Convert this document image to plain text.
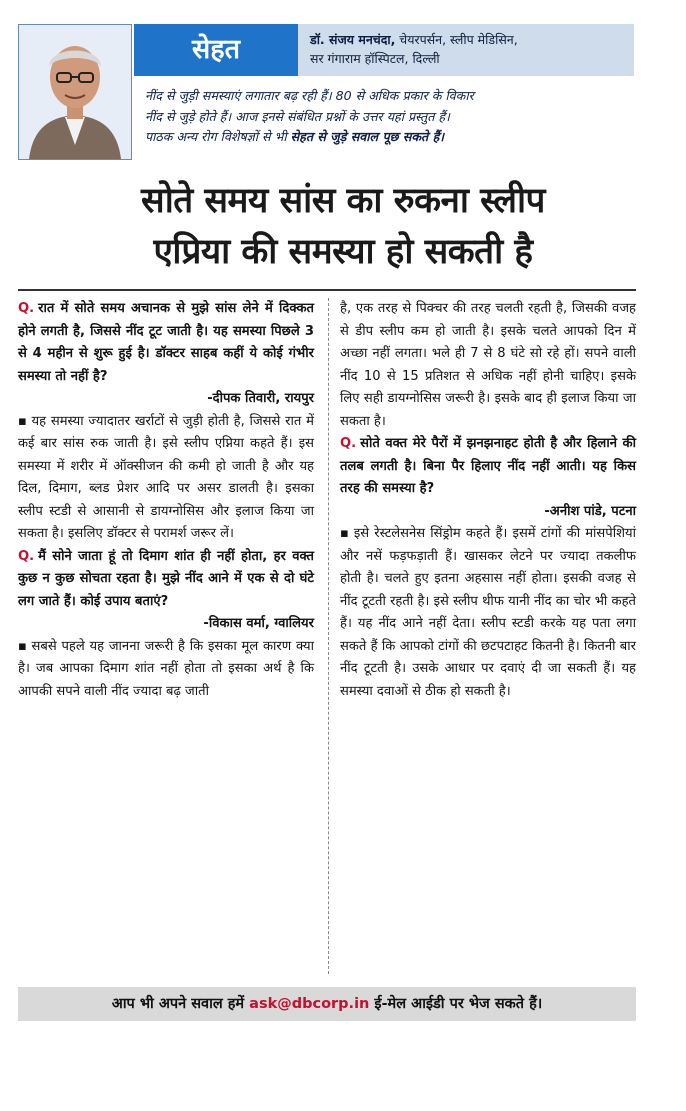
सेहत	डॉ. संजय मनचंदा, चेयरपर्सन, स्लीप मेडिसिन,
सर गंगाराम हॉस्पिटल, दिल्ली
नींद से जुड़ी समस्याएं लगातार बढ़ रही हैं। 80 से अधिक प्रकार के विकार
नींद से जुड़े होते हैं। आज इनसे संबंधित प्रश्नों के उत्तर यहां प्रस्तुत हैं।
पाठक अन्य रोग विशेषज्ञों से भी सेहत से जुड़े सवाल पूछ सकते हैं।
सोते समय सांस का रुकना स्लीप
एप्रिया की समस्या हो सकती है

Q. रात में सोते समय अचानक से मुझे सांस लेने में दिक्कत होने लगती है, जिससे नींद टूट जाती है। यह समस्या पिछले 3 से 4 महीन से शुरू हुई है। डॉक्टर साहब कहीं ये कोई गंभीर समस्या तो नहीं है?

-दीपक तिवारी, रायपुर

▪ यह समस्या ज्यादातर खर्राटों से जुड़ी होती है, जिससे रात में कई बार सांस रुक जाती है। इसे स्लीप एप्निया कहते हैं। इस समस्या में शरीर में ऑक्सीजन की कमी हो जाती है और यह दिल, दिमाग, ब्लड प्रेशर आदि पर असर डालती है। इसका स्लीप स्टडी से आसानी से डायग्नोसिस और इलाज किया जा सकता है। इसलिए डॉक्टर से परामर्श जरूर लें।

Q. मैं सोने जाता हूं तो दिमाग शांत ही नहीं होता, हर वक्त कुछ न कुछ सोचता रहता है। मुझे नींद आने में एक से दो घंटे लग जाते हैं। कोई उपाय बताएं?

-विकास वर्मा, ग्वालियर

▪ सबसे पहले यह जानना जरूरी है कि इसका मूल कारण क्या है। जब आपका दिमाग शांत नहीं होता तो इसका अर्थ है कि आपकी सपने वाली नींद ज्यादा बढ़ जाती

है, एक तरह से पिक्चर की तरह चलती रहती है, जिसकी वजह से डीप स्लीप कम हो जाती है। इसके चलते आपको दिन में अच्छा नहीं लगता। भले ही 7 से 8 घंटे सो रहे हों। सपने वाली नींद 10 से 15 प्रतिशत से अधिक नहीं होनी चाहिए। इसके लिए सही डायग्नोसिस जरूरी है। इसके बाद ही इलाज किया जा सकता है।

Q. सोते वक्त मेरे पैरों में झनझनाहट होती है और हिलाने की तलब लगती है। बिना पैर हिलाए नींद नहीं आती। यह किस तरह की समस्या है?

-अनीश पांडे, पटना

▪ इसे रेस्टलेसनेस सिंड्रोम कहते हैं। इसमें टांगों की मांसपेशियां और नसें फड़फड़ाती हैं। खासकर लेटने पर ज्यादा तकलीफ होती है। चलते हुए इतना अहसास नहीं होता। इसकी वजह से नींद टूटती रहती है। इसे स्लीप थीफ यानी नींद का चोर भी कहते हैं। यह नींद आने नहीं देता। स्लीप स्टडी करके यह पता लगा सकते हैं कि आपको टांगों की छटपटाहट कितनी है। कितनी बार नींद टूटती है। उसके आधार पर दवाएं दी जा सकती हैं। यह समस्या दवाओं से ठीक हो सकती है।

आप भी अपने सवाल हमें ask@dbcorp.in ई-मेल आईडी पर भेज सकते हैं।
